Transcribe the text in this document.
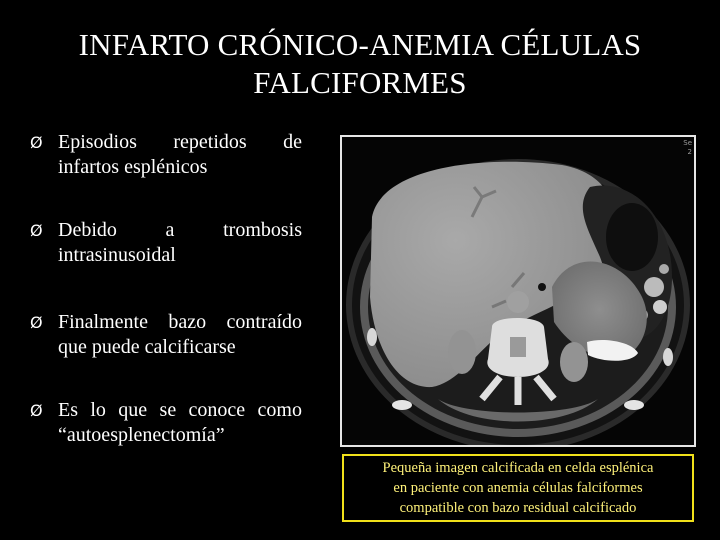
INFARTO CRÓNICO-ANEMIA CÉLULAS
FALCIFORMES
Ø Episodios repetidos de
infartos esplénicos
Ø Debido a trombosis
intrasinusoidal
Ø Finalmente bazo contraído
que puede calcificarse
Ø Es lo que se conoce como
“autoesplenectomía”
Se
2
Pequeña imagen calcificada en celda esplénica
en paciente con anemia células falciformes
compatible con bazo residual calcificado
